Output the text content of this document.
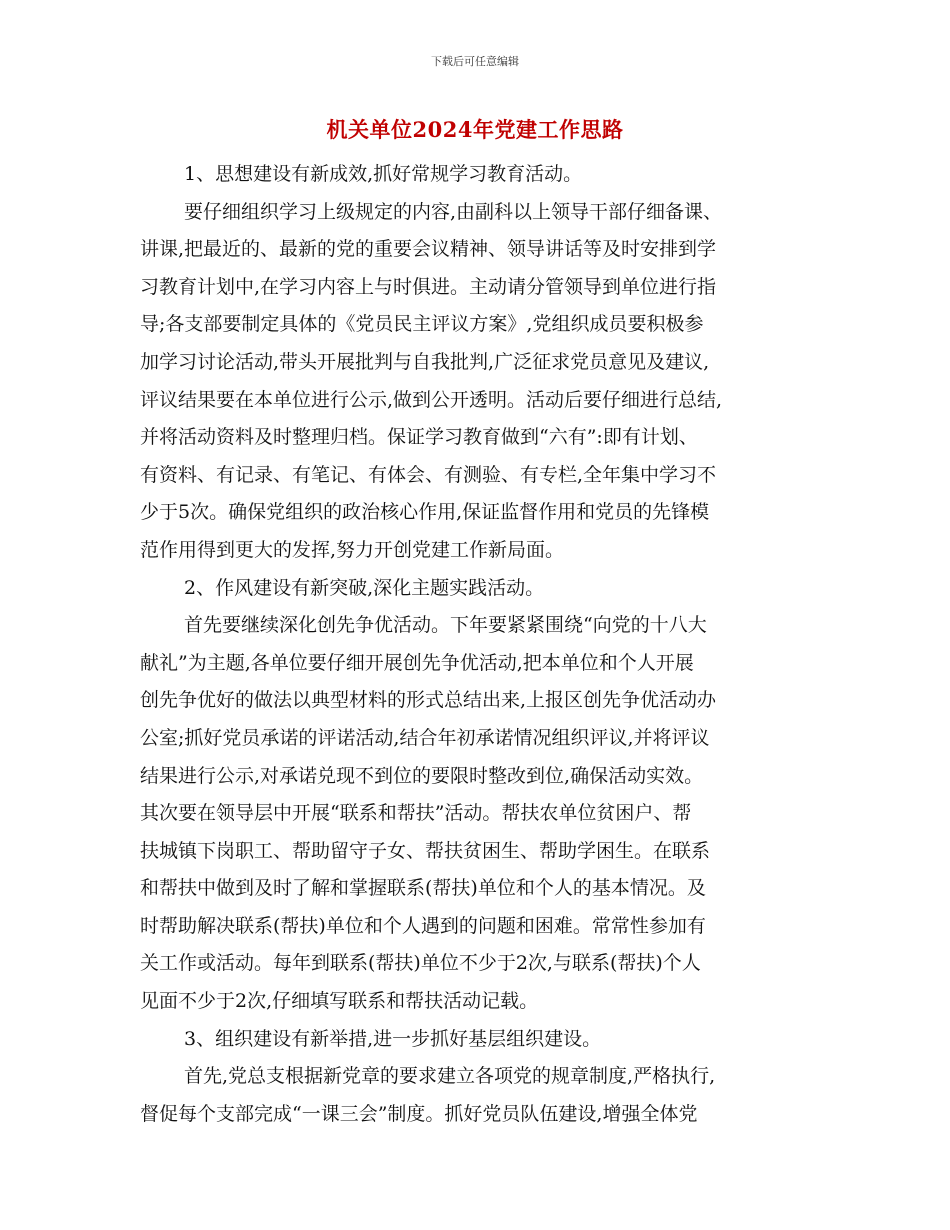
下载后可任意编辑
机关单位2024年党建工作思路
1、思想建设有新成效,抓好常规学习教育活动。
要仔细组织学习上级规定的内容,由副科以上领导干部仔细备课、
讲课,把最近的、最新的党的重要会议精神、领导讲话等及时安排到学
习教育计划中,在学习内容上与时俱进。主动请分管领导到单位进行指
导;各支部要制定具体的《党员民主评议方案》,党组织成员要积极参
加学习讨论活动,带头开展批判与自我批判,广泛征求党员意见及建议,
评议结果要在本单位进行公示,做到公开透明。活动后要仔细进行总结,
并将活动资料及时整理归档。保证学习教育做到“六有”:即有计划、
有资料、有记录、有笔记、有体会、有测验、有专栏,全年集中学习不
少于5次。确保党组织的政治核心作用,保证监督作用和党员的先锋模
范作用得到更大的发挥,努力开创党建工作新局面。
2、作风建设有新突破,深化主题实践活动。
首先要继续深化创先争优活动。下年要紧紧围绕“向党的十八大
献礼”为主题,各单位要仔细开展创先争优活动,把本单位和个人开展
创先争优好的做法以典型材料的形式总结出来,上报区创先争优活动办
公室;抓好党员承诺的评诺活动,结合年初承诺情况组织评议,并将评议
结果进行公示,对承诺兑现不到位的要限时整改到位,确保活动实效。
其次要在领导层中开展“联系和帮扶”活动。帮扶农单位贫困户、帮
扶城镇下岗职工、帮助留守子女、帮扶贫困生、帮助学困生。在联系
和帮扶中做到及时了解和掌握联系(帮扶)单位和个人的基本情况。及
时帮助解决联系(帮扶)单位和个人遇到的问题和困难。常常性参加有
关工作或活动。每年到联系(帮扶)单位不少于2次,与联系(帮扶)个人
见面不少于2次,仔细填写联系和帮扶活动记载。
3、组织建设有新举措,进一步抓好基层组织建设。
首先,党总支根据新党章的要求建立各项党的规章制度,严格执行,
督促每个支部完成“一课三会”制度。抓好党员队伍建设,增强全体党
